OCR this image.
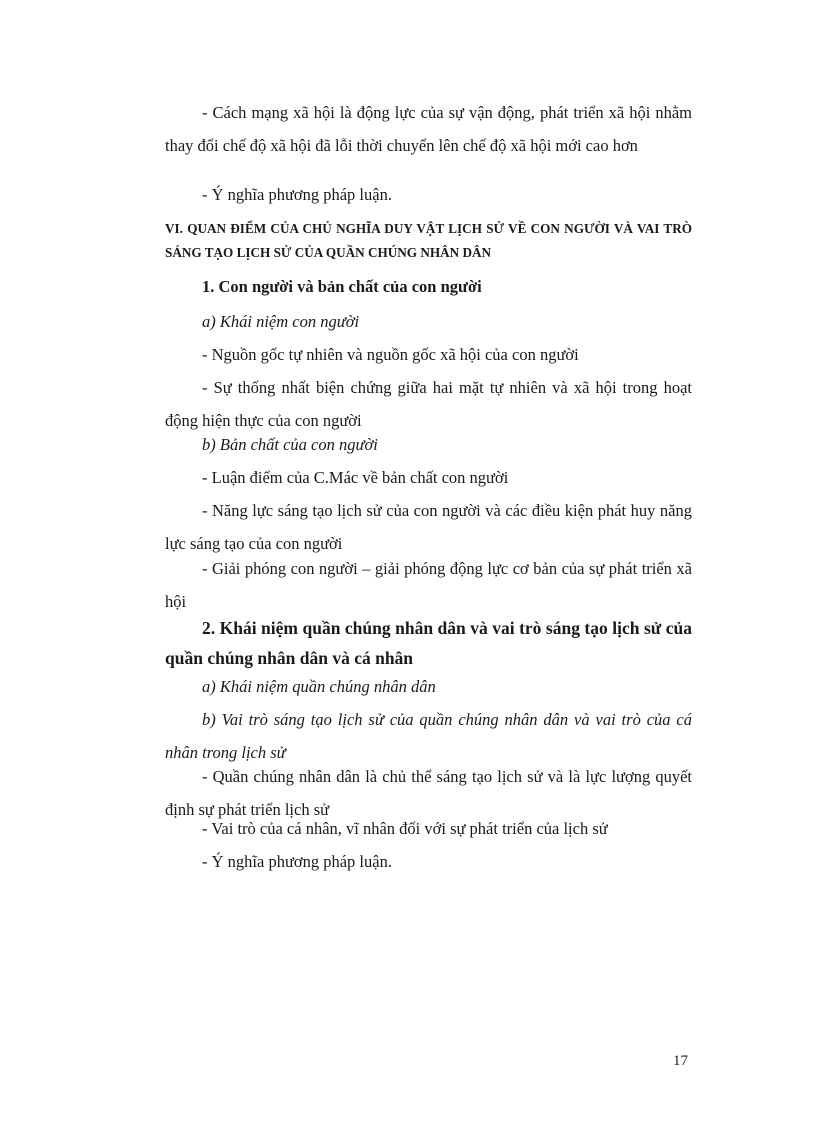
- Cách mạng xã hội là động lực của sự vận động, phát triển xã hội nhằm thay đổi chế độ xã hội đã lỗi thời chuyển lên chế độ xã hội mới cao hơn

- Ý nghĩa phương pháp luận.

VI. QUAN ĐIỂM CỦA CHỦ NGHĨA DUY VẬT LỊCH SỬ VỀ CON NGƯỜI VÀ VAI TRÒ SÁNG TẠO LỊCH SỬ CỦA QUẦN CHÚNG NHÂN DÂN

1. Con người và bản chất của con người

a) Khái niệm con người

- Nguồn gốc tự nhiên và nguồn gốc xã hội của con người

- Sự thống nhất biện chứng giữa hai mặt tự nhiên và xã hội trong hoạt động hiện thực của con người

b) Bản chất của con người

- Luận điểm của C.Mác về bản chất con người

- Năng lực sáng tạo lịch sử của con người và các điều kiện phát huy năng lực sáng tạo của con người

- Giải phóng con người – giải phóng động lực cơ bản của sự phát triển xã hội

2. Khái niệm quần chúng nhân dân và vai trò sáng tạo lịch sử của quần chúng nhân dân và cá nhân

a) Khái niệm quần chúng nhân dân

b) Vai trò sáng tạo lịch sử của quần chúng nhân dân và vai trò của cá nhân trong lịch sử

- Quần chúng nhân dân là chủ thể sáng tạo lịch sử và là lực lượng quyết định sự phát triển lịch sử

- Vai trò của cá nhân, vĩ nhân đối với sự phát triển của lịch sử

- Ý nghĩa phương pháp luận.

17
